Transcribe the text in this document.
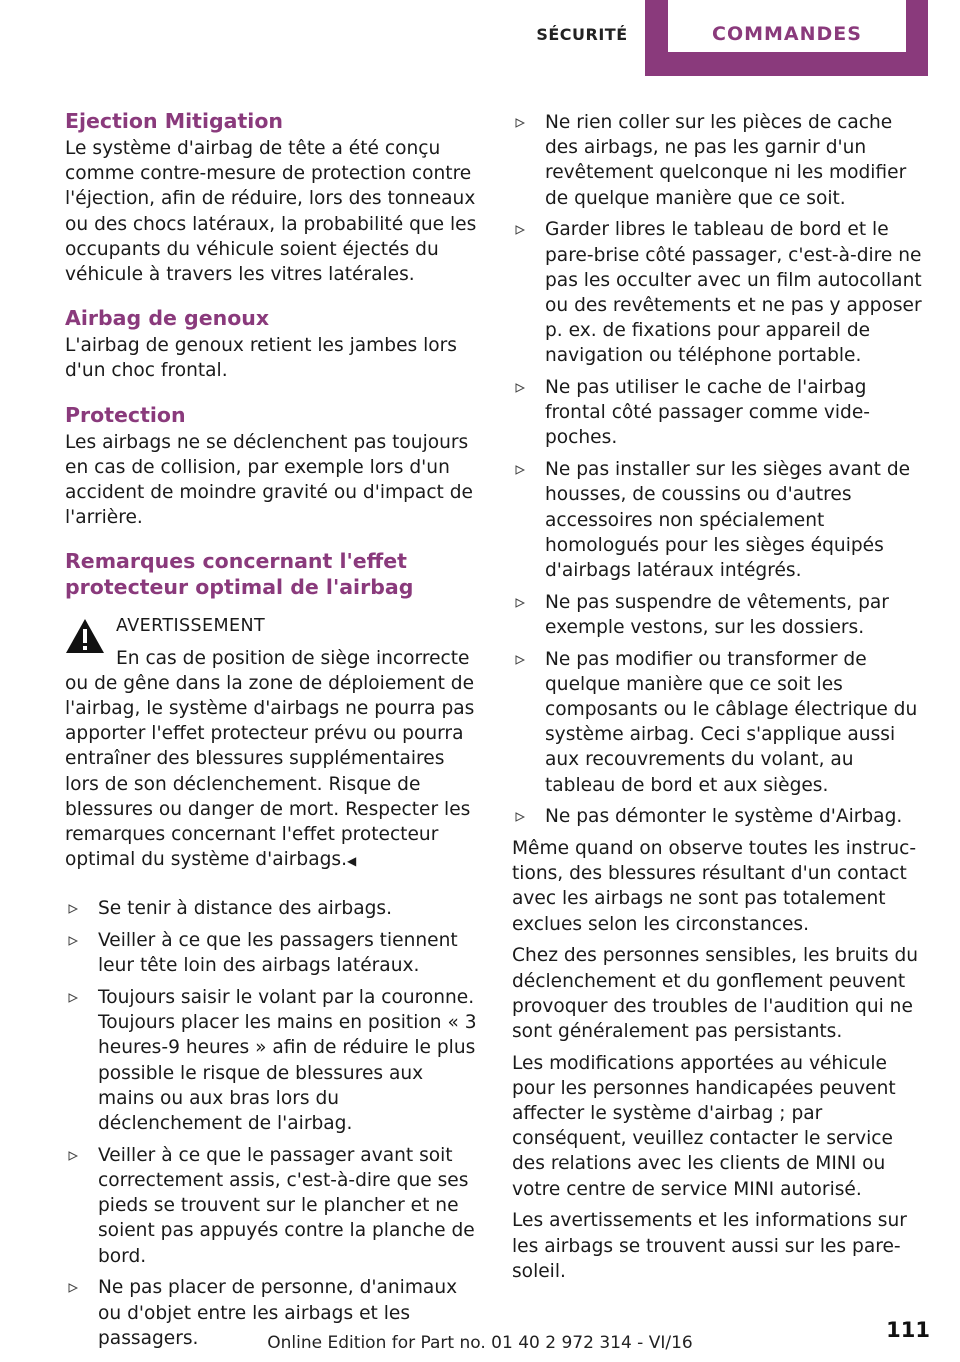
SÉCURITÉ	COMMANDES
Ejection Mitigation

Le système d'airbag de tête a été conçu comme contre-mesure de protection contre l'éjection, afin de réduire, lors des tonneaux ou des chocs latéraux, la probabilité que les occupants du véhicule soient éjectés du véhicule à travers les vitres latérales.

Airbag de genoux

L'airbag de genoux retient les jambes lors d'un choc frontal.

Protection

Les airbags ne se déclenchent pas toujours en cas de collision, par exemple lors d'un accident de moindre gravité ou d'impact de l'arrière.

Remarques concernant l'effet protecteur optimal de l'airbag
AVERTISSEMENT
En cas de position de siège incorrecte ou de gêne dans la zone de déploiement de l'airbag, le système d'airbags ne pourra pas apporter l'effet protecteur prévu ou pourra entraîner des blessures supplémentaires lors de son déclenchement. Risque de blessures ou danger de mort. Respecter les remarques concernant l'effet protecteur optimal du système d'airbags.◀
Se tenir à distance des airbags.
Veiller à ce que les passagers tiennent leur tête loin des airbags latéraux.
Toujours saisir le volant par la couronne. Toujours placer les mains en position « 3 heures-9 heures » afin de réduire le plus possible le risque de blessures aux mains ou aux bras lors du déclenchement de l'airbag.
Veiller à ce que le passager avant soit correctement assis, c'est-à-dire que ses pieds se trouvent sur le plancher et ne soient pas appuyés contre la planche de bord.
Ne pas placer de personne, d'animaux ou d'objet entre les airbags et les passagers.
Ne rien coller sur les pièces de cache des airbags, ne pas les garnir d'un revêtement quelconque ni les modifier de quelque manière que ce soit.
Garder libres le tableau de bord et le pare-brise côté passager, c'est-à-dire ne pas les occulter avec un film autocollant ou des revêtements et ne pas y apposer p. ex. de fixations pour appareil de navigation ou téléphone portable.
Ne pas utiliser le cache de l'airbag frontal côté passager comme vide-poches.
Ne pas installer sur les sièges avant de housses, de coussins ou d'autres accessoires non spécialement homologués pour les sièges équipés d'airbags latéraux intégrés.
Ne pas suspendre de vêtements, par exemple vestons, sur les dossiers.
Ne pas modifier ou transformer de quelque manière que ce soit les composants ou le câblage électrique du système airbag. Ceci s'applique aussi aux recouvrements du volant, au tableau de bord et aux sièges.
Ne pas démonter le système d'Airbag.

Même quand on observe toutes les instructions, des blessures résultant d'un contact avec les airbags ne sont pas totalement exclues selon les circonstances.

Chez des personnes sensibles, les bruits du déclenchement et du gonflement peuvent provoquer des troubles de l'audition qui ne sont généralement pas persistants.

Les modifications apportées au véhicule pour les personnes handicapées peuvent affecter le système d'airbag ; par conséquent, veuillez contacter le service des relations avec les clients de MINI ou votre centre de service MINI autorisé.

Les avertissements et les informations sur les airbags se trouvent aussi sur les pare-soleil.

111
Online Edition for Part no. 01 40 2 972 314 - VI/16
